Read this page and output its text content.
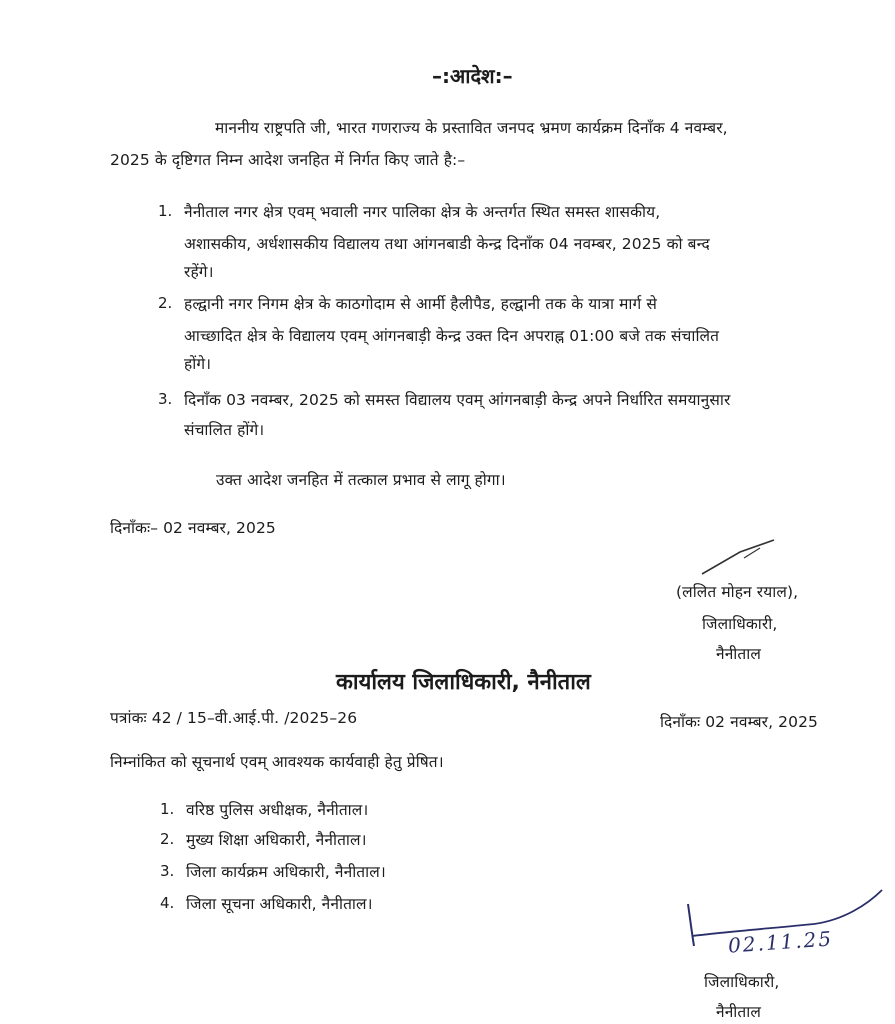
–:आदेश:–
माननीय राष्ट्रपति जी, भारत गणराज्य के प्रस्तावित जनपद भ्रमण कार्यक्रम दिनाँक 4 नवम्बर,
2025 के दृष्टिगत निम्न आदेश जनहित में निर्गत किए जाते है:–
1. नैनीताल नगर क्षेत्र एवम् भवाली नगर पालिका क्षेत्र के अन्तर्गत स्थित समस्त शासकीय,
अशासकीय, अर्धशासकीय विद्यालय तथा आंगनबाडी केन्द्र दिनाँक 04 नवम्बर, 2025 को बन्द
रहेंगे।
2. हल्द्वानी नगर निगम क्षेत्र के काठगोदाम से आर्मी हैलीपैड, हल्द्वानी तक के यात्रा मार्ग से
आच्छादित क्षेत्र के विद्यालय एवम् आंगनबाड़ी केन्द्र उक्त दिन अपराह्न 01:00 बजे तक संचालित
होंगे।
3. दिनाँक 03 नवम्बर, 2025 को समस्त विद्यालय एवम् आंगनबाड़ी केन्द्र अपने निर्धारित समयानुसार
संचालित होंगे।
उक्त आदेश जनहित में तत्काल प्रभाव से लागू होगा।
दिनाँकः– 02 नवम्बर, 2025
(ललित मोहन रयाल),
जिलाधिकारी,
नैनीताल
कार्यालय जिलाधिकारी, नैनीताल
पत्रांकः 42 / 15–वी.आई.पी. /2025–26	दिनाँकः 02 नवम्बर, 2025
निम्नांकित को सूचनार्थ एवम् आवश्यक कार्यवाही हेतु प्रेषित।
1. वरिष्ठ पुलिस अधीक्षक, नैनीताल।
2. मुख्य शिक्षा अधिकारी, नैनीताल।
3. जिला कार्यक्रम अधिकारी, नैनीताल।
4. जिला सूचना अधिकारी, नैनीताल।
02.11.25
जिलाधिकारी,
नैनीताल
